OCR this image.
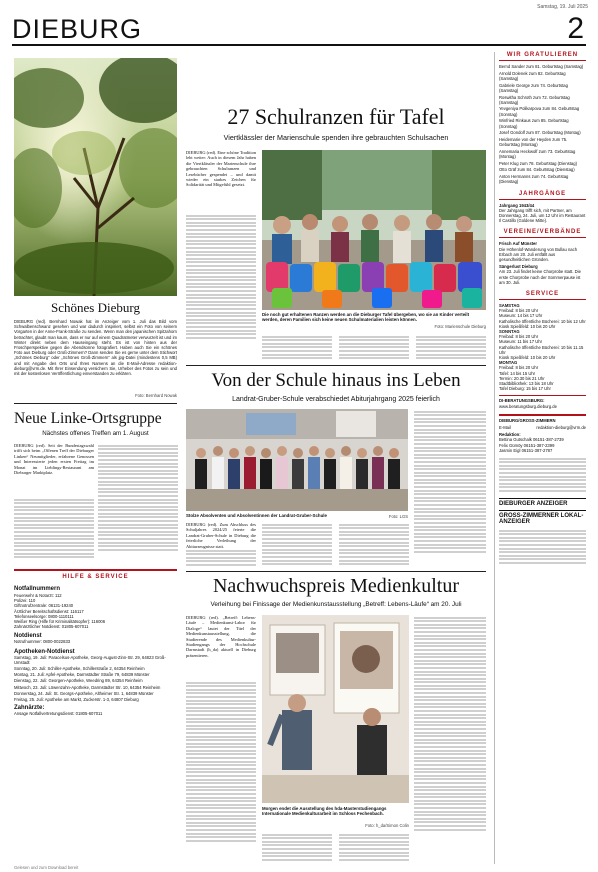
Samstag, 19. Juli 2025
DIEBURG	2
Schönes Dieburg
DIEBURG (red). Bernhard Nowak hat im Anzeiger vom 1. Juli das Bild vom Schwalbenschwanz gesehen und war dadurch inspiriert, selbst ein Foto von seinem Vorgarten in der Anne-Frank-Straße zu senden. Wenn man den japanischen Spitzahorn betrachtet, glaubt man kaum, dass er nur auf einem Quadratmeter verwurzelt ist und im Winter direkt neben dem Hauseingang steht. Es ist von hinten aus der Froschperspektive gegen die Abendsonne fotografiert. Haben auch Sie ein schönes Foto aus Dieburg oder Groß-Zimmern? Dann senden Sie es gerne unter dem Stichwort „Schönes Dieburg“ oder „Schönes Groß-Zimmern“ als jpg-Datei (mindestens 0,5 MB) und mit Angabe des Orts und Ihres Namens an die E-Mail-Adresse redaktion-dieburg@vrm.de. Mit Ihrer Einsendung versichern Sie, Urheber des Fotos zu sein und mit der kostenlosen Veröffentlichung einverstanden zu erklären.
Foto: Bernhard Nowak
Neue Linke-Ortsgruppe
Nächstes offenes Treffen am 1. August
DIEBURG (red). Seit der Bundestagswahl trifft sich beim „Offenen Treff der Dieburger Linken“ Neumitglieder, erfahrene Genossen und Interessierte jeden ersten Freitag im Monat im Lieblings-Restaurant am Dieburger Marktplatz.
HILFE & SERVICE
Notfallnummern
Feuerwehr & Notarzt: 112
Polizei: 110
Giftnotrufzentrale: 06131-19240
Ärztlicher Bereitschaftsdienst: 116117
Telefonseelsorge: 0800-1110111
Weißer Ring (Hilfe für Kriminalitätsopfer): 116006
Zahnärztlicher Notdienst: 01805-607011
Notdienst
Notrufnummer: 0800-0022833
Apotheken-Notdienst
Samstag, 19. Juli: Paracelsus-Apotheke, Georg-August-Zinn-Str. 29, 64823 Groß-Umstadt
Sonntag, 20. Juli: Schiller-Apotheke, Schillerstraße 2, 64354 Reinheim
Montag, 21. Juli: Apfel-Apotheke, Darmstädter Straße 79, 64839 Münster
Dienstag, 22. Juli: Georgen-Apotheke, Weedring 89, 64354 Reinheim
Mittwoch, 23. Juli: Löwenzahn-Apotheke, Darmstädter Str. 10, 64354 Reinheim
Donnerstag, 24. Juli: St. Georgs-Apotheke, Altheimer Str. 1, 64839 Münster
Freitag, 25. Juli: Apotheke am Markt, Zuckerstr. 1-3, 64807 Dieburg
Zahnärzte:
Ansage Notfallvertretungsdienst: 01805-607011
27 Schulranzen für Tafel
Viertklässler der Marienschule spenden ihre gebrauchten Schulsachen
DIEBURG (red). Eine schöne Tradition lebt weiter: Auch in diesem Jahr haben die Viertklässler der Marienschule ihre gebrauchten Schulranzen und Lesebücher gespendet – und damit wieder ein starkes Zeichen für Solidarität und Mitgefühl gesetzt.
Die noch gut erhaltenen Ranzen werden an die Dieburger Tafel übergeben, wo sie an Kinder verteilt werden, deren Familien sich keine neuen Schulmaterialien leisten können.
Foto: Marienschule Dieburg
Von der Schule hinaus ins Leben
Landrat-Gruber-Schule verabschiedet Abiturjahrgang 2025 feierlich
Stolze Absolventen und Absolventinnen der Landrat-Gruber-Schule	Foto: LGS
DIEBURG (red). Zum Abschluss des Schuljahres 2024/25 feierte die Landrat-Gruber-Schule in Dieburg die feierliche Verleihung der Abiturzeugnisse statt.
Nachwuchspreis Medienkultur
Verleihung bei Finissage der Medienkunstausstellung „Betreff: Lebens-Läufe“ am 20. Juli
DIEBURG (red). „Betreff: Lebens-Läufe – Medienkunst-Labor für Dialoge“ lautet der Titel der Medienkunstausstellung, die Studierende des Medienkultur-Studiengangs der Hochschule Darmstadt (h_da) aktuell in Dieburg präsentieren.
Morgen endet die Ausstellung des hda-Masterstudiengangs Internationale Medienkulturarbeit im Schloss Fechenbach.
Foto: h_da/Simon Colin
WIR GRATULIEREN
Bernd Sander zum 81. Geburtstag (Samstag)
Arnold Dolenek zum 82. Geburtstag (Samstag)
Gabriele George zum 74. Geburtstag (Samstag)
Roswitha Schroth zum 72. Geburtstag (Samstag)
Yevgeniya Polikarpova zum 84. Geburtstag (Sonntag)
Winfried Rinkaus zum 85. Geburtstag (Sonntag)
Josef Gondolf zum 87. Geburtstag (Montag)
Heidemarie von der Heyden zum 75. Geburtstag (Montag)
Annemaria Heckwolf zum 73. Geburtstag (Montag)
Peter Klug zum 78. Geburtstag (Dienstag)
Otto Gräf zum 84. Geburtstag (Dienstag)
Anton Hermanns zum 74. Geburtstag (Dienstag)
JAHRGÄNGE
Jahrgang 1943/44
Der Jahrgang trifft sich, mit Partner, am Donnerstag, 24. Juli, um 12 Uhr im Restaurant Il Castillo (Goldene Mitte).
VEREINE/VERBÄNDE
Frisch Auf Münster
Die Höhenlof-Wanderung von Bullau nach Erbach am 20. Juli entfällt aus gesundheitlichen Gründen.
Sängerlust Dieburg
Am 23. Juli findet keine Chorprobe statt. Die erste Chorprobe nach der Sommerpause ist am 30. Juli.
SERVICE
SAMSTAG
Freibad: 8 bis 20 Uhr
Museum: 14 bis 17 Uhr
Katholische öffentliche Bücherei: 10 bis 12 Uhr
Kiosk Spießfeld: 10 bis 20 Uhr
SONNTAG
Freibad: 8 bis 20 Uhr
Museum: 11 bis 17 Uhr
Katholische öffentliche Bücherei: 10 bis 11.15 Uhr
Kiosk Spießfeld: 10 bis 20 Uhr
MONTAG
Freibad: 8 bis 20 Uhr
Tafel: 14 bis 15 Uhr
Termin: 20.30 bis 21 Uhr
Stadtbibliothek: 13 bis 18 Uhr
Tafel Dieburg: 15 bis 17 Uhr
DI-BERATUNGSBURG:
www.beratungsburg.dieburg.de
DIEBURG/GROSS-ZIMMERN
E-Mail	redaktion-dieburg@vrm.de
Redaktion:
Bettina Gutschalk 06151-387-2739
Felix Gümöy 06151-387-2399
Jasmin Eigl 06151-387-2787
DIEBURGER ANZEIGER
GROSS-ZIMMERNER LOKAL-ANZEIGER
Gelesen und zum Download bereit
